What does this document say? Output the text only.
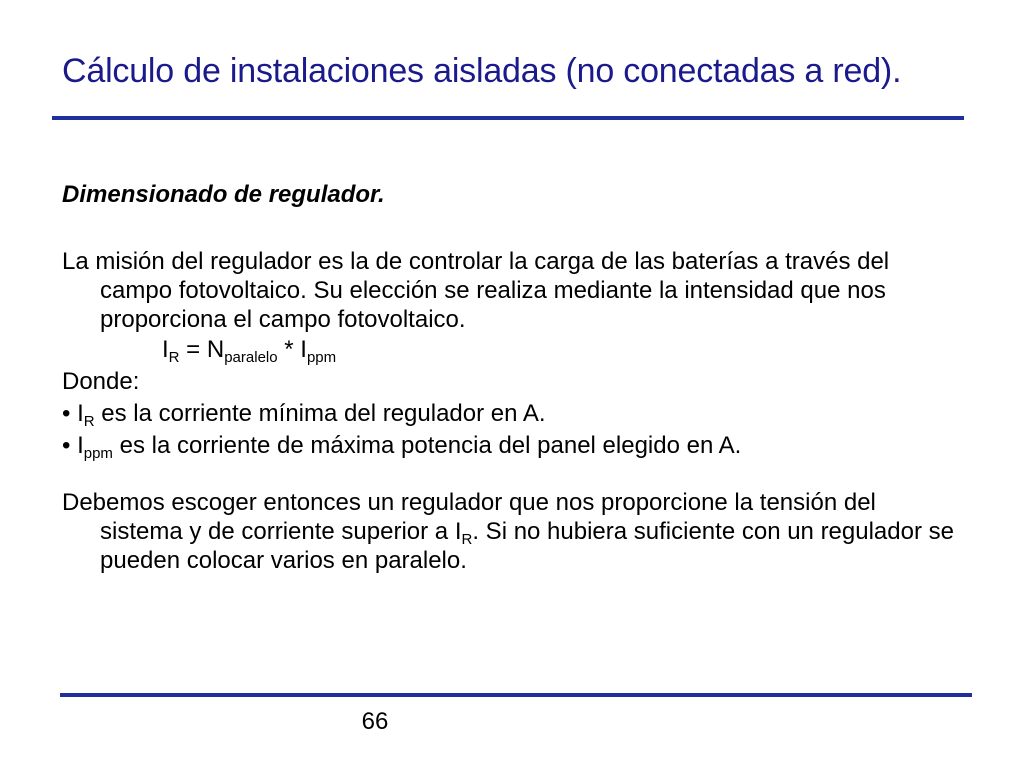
Cálculo de instalaciones aisladas (no conectadas a red).

Dimensionado de regulador.

La misión del regulador es la de controlar la carga de las baterías a través del campo fotovoltaico. Su elección se realiza mediante la intensidad que nos proporciona el campo fotovoltaico.

$I_R = N_{paralelo} * I_{ppm}$

Donde:

• $I_R$ es la corriente mínima del regulador en A.

• $I_{ppm}$ es la corriente de máxima potencia del panel elegido en A.

Debemos escoger entonces un regulador que nos proporcione la tensión del sistema y de corriente superior a $I_R$. Si no hubiera suficiente con un regulador se pueden colocar varios en paralelo.

66
